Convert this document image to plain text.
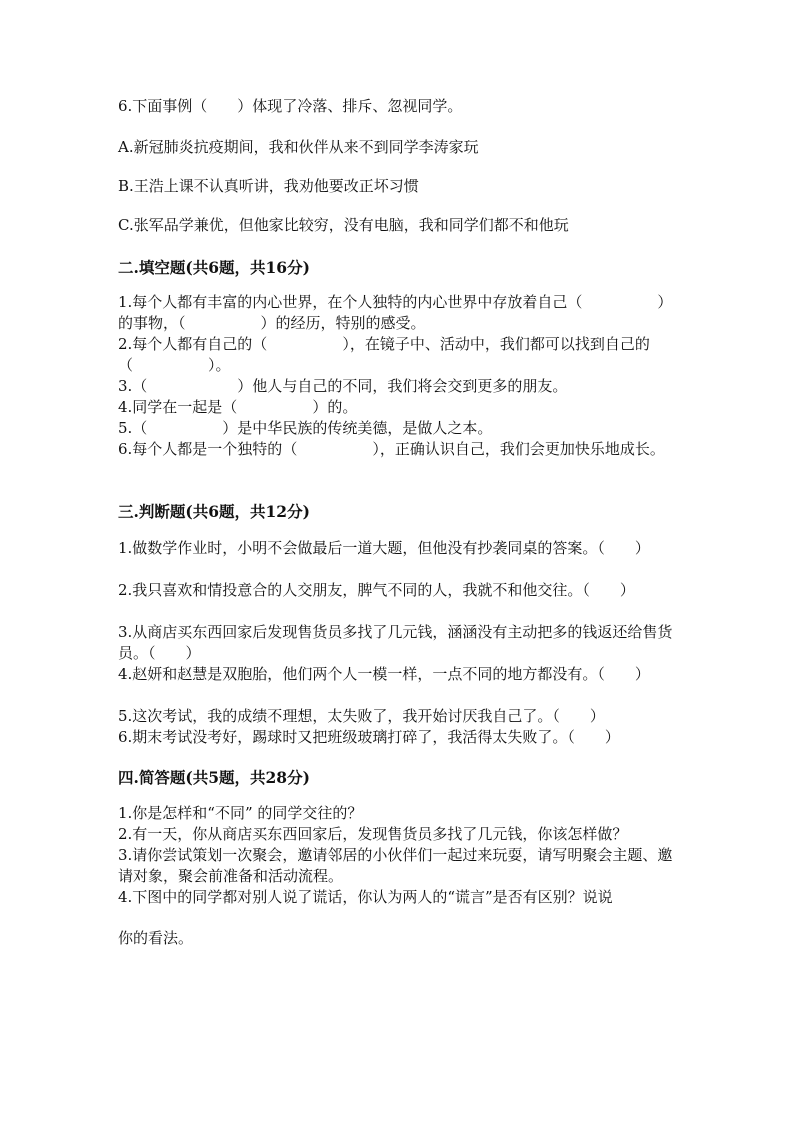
6.下面事例（　　）体现了冷落、排斥、忽视同学。
A.新冠肺炎抗疫期间，我和伙伴从来不到同学李涛家玩
B.王浩上课不认真听讲，我劝他要改正坏习惯
C.张军品学兼优，但他家比较穷，没有电脑，我和同学们都不和他玩
二.填空题(共6题，共16分)
1.每个人都有丰富的内心世界，在个人独特的内心世界中存放着自己（　　　　　）的事物，（　　　　　）的经历，特别的感受。
2.每个人都有自己的（　　　　　），在镜子中、活动中，我们都可以找到自己的（　　　　　）。
3.（　　　　　　）他人与自己的不同，我们将会交到更多的朋友。
4.同学在一起是（　　　　　）的。
5.（　　　　　）是中华民族的传统美德，是做人之本。
6.每个人都是一个独特的（　　　　　），正确认识自己，我们会更加快乐地成长。
三.判断题(共6题，共12分)
1.做数学作业时，小明不会做最后一道大题，但他没有抄袭同桌的答案。（　　）
2.我只喜欢和情投意合的人交朋友，脾气不同的人，我就不和他交往。（　　）
3.从商店买东西回家后发现售货员多找了几元钱，涵涵没有主动把多的钱返还给售货员。（　　）
4.赵妍和赵慧是双胞胎，他们两个人一模一样，一点不同的地方都没有。（　　）
5.这次考试，我的成绩不理想，太失败了，我开始讨厌我自己了。（　　）
6.期末考试没考好，踢球时又把班级玻璃打碎了，我活得太失败了。（　　）
四.简答题(共5题，共28分)
1.你是怎样和“不同” 的同学交往的？
2.有一天，你从商店买东西回家后，发现售货员多找了几元钱，你该怎样做？
3.请你尝试策划一次聚会，邀请邻居的小伙伴们一起过来玩耍，请写明聚会主题、邀请对象，聚会前准备和活动流程。
4.下图中的同学都对别人说了谎话，你认为两人的“谎言”是否有区别？说说
你的看法。
